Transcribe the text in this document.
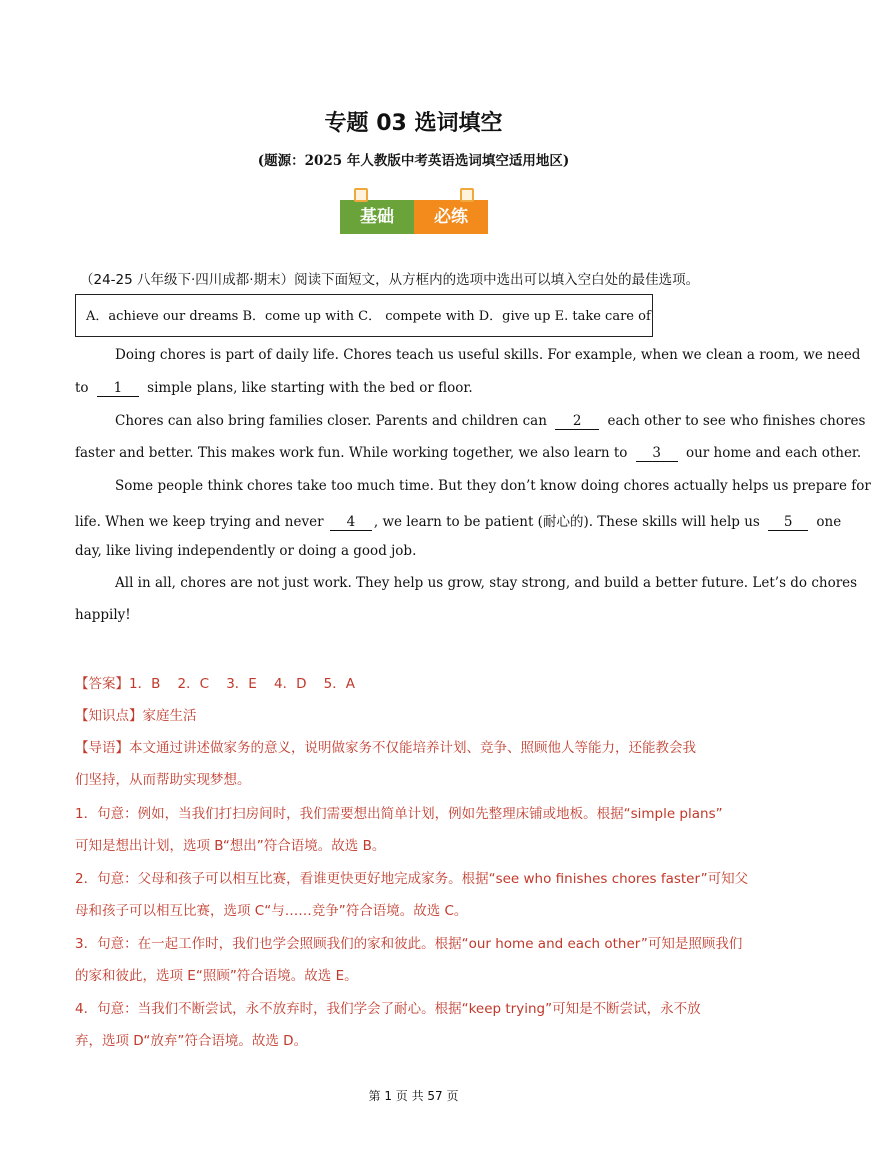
专题 03 选词填空
(题源：2025 年人教版中考英语选词填空适用地区)
基础	必练
（24-25 八年级下·四川成都·期末）阅读下面短文，从方框内的选项中选出可以填入空白处的最佳选项。
A．achieve our dreams B．come up with C． compete with D．give up E. take care of
Doing chores is part of daily life. Chores teach us useful skills. For example, when we clean a room, we need
to 1 simple plans, like starting with the bed or floor.
Chores can also bring families closer. Parents and children can 2 each other to see who finishes chores
faster and better. This makes work fun. While working together, we also learn to 3 our home and each other.
Some people think chores take too much time. But they don’t know doing chores actually helps us prepare for
life. When we keep trying and never 4 , we learn to be patient (耐心的). These skills will help us 5 one
day, like living independently or doing a good job.
All in all, chores are not just work. They help us grow, stay strong, and build a better future. Let’s do chores
happily!
【答案】1．B    2．C    3．E    4．D    5．A
【知识点】家庭生活
【导语】本文通过讲述做家务的意义，说明做家务不仅能培养计划、竞争、照顾他人等能力，还能教会我
们坚持，从而帮助实现梦想。
1．句意：例如，当我们打扫房间时，我们需要想出简单计划，例如先整理床铺或地板。根据“simple plans”
可知是想出计划，选项 B“想出”符合语境。故选 B。
2．句意：父母和孩子可以相互比赛，看谁更快更好地完成家务。根据“see who finishes chores faster”可知父
母和孩子可以相互比赛，选项 C“与……竞争”符合语境。故选 C。
3．句意：在一起工作时，我们也学会照顾我们的家和彼此。根据“our home and each other”可知是照顾我们
的家和彼此，选项 E“照顾”符合语境。故选 E。
4．句意：当我们不断尝试，永不放弃时，我们学会了耐心。根据“keep trying”可知是不断尝试，永不放
弃，选项 D“放弃”符合语境。故选 D。
第 1 页 共 57 页
